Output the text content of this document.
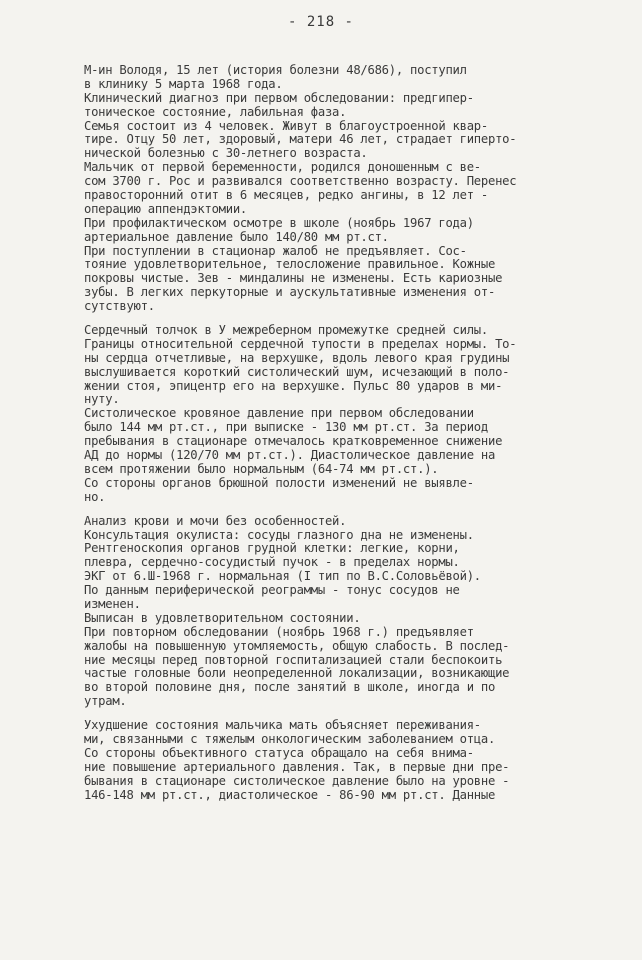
- 218 -
М-ин Володя, 15 лет (история болезни 48/686), поступил
в клинику 5 марта 1968 года.
Клинический диагноз при первом обследовании: предгипер-
тоническое состояние, лабильная фаза.
Семья состоит из 4 человек. Живут в благоустроенной квар-
тире. Отцу 50 лет, здоровый, матери 46 лет, страдает гиперто-
нической болезнью с 30-летнего возраста.
Мальчик от первой беременности, родился доношенным с ве-
сом 3700 г. Рос и развивался соответственно возрасту. Перенес
правосторонний отит в 6 месяцев, редко ангины, в 12 лет -
операцию аппендэктомии.
При профилактическом осмотре в школе (ноябрь 1967 года)
артериальное давление было 140/80 мм рт.ст.
При поступлении в стационар жалоб не предъявляет. Сос-
тояние удовлетворительное, телосложение правильное. Кожные
покровы чистые. Зев - миндалины не изменены. Есть кариозные
зубы. В легких перкуторные и аускультативные изменения от-
сутствуют.
Сердечный толчок в У межреберном промежутке средней силы.
Границы относительной сердечной тупости в пределах нормы. То-
ны сердца отчетливые, на верхушке, вдоль левого края грудины
выслушивается короткий систолический шум, исчезающий в поло-
жении стоя, эпицентр его на верхушке. Пульс 80 ударов в ми-
нуту.
Систолическое кровяное давление при первом обследовании
было 144 мм рт.ст., при выписке - 130 мм рт.ст. За период
пребывания в стационаре отмечалось кратковременное снижение
АД до нормы (120/70 мм рт.ст.). Диастолическое давление на
всем протяжении было нормальным (64-74 мм рт.ст.).
Со стороны органов брюшной полости изменений не выявле-
но.
Анализ крови и мочи без особенностей.
Консультация окулиста: сосуды глазного дна не изменены.
Рентгеноскопия органов грудной клетки: легкие, корни,
плевра, сердечно-сосудистый пучок - в пределах нормы.
ЭКГ от 6.Ш-1968 г. нормальная (I тип по В.С.Соловьёвой).
По данным периферической реограммы - тонус сосудов не
изменен.
Выписан в удовлетворительном состоянии.
При повторном обследовании (ноябрь 1968 г.) предъявляет
жалобы на повышенную утомляемость, общую слабость. В послед-
ние месяцы перед повторной госпитализацией стали беспокоить
частые головные боли неопределенной локализации, возникающие
во второй половине дня, после занятий в школе, иногда и по
утрам.
Ухудшение состояния мальчика мать объясняет переживания-
ми, связанными с тяжелым онкологическим заболеванием отца.
Со стороны объективного статуса обращало на себя внима-
ние повышение артериального давления. Так, в первые дни пре-
бывания в стационаре систолическое давление было на уровне -
146-148 мм рт.ст., диастолическое - 86-90 мм рт.ст. Данные
